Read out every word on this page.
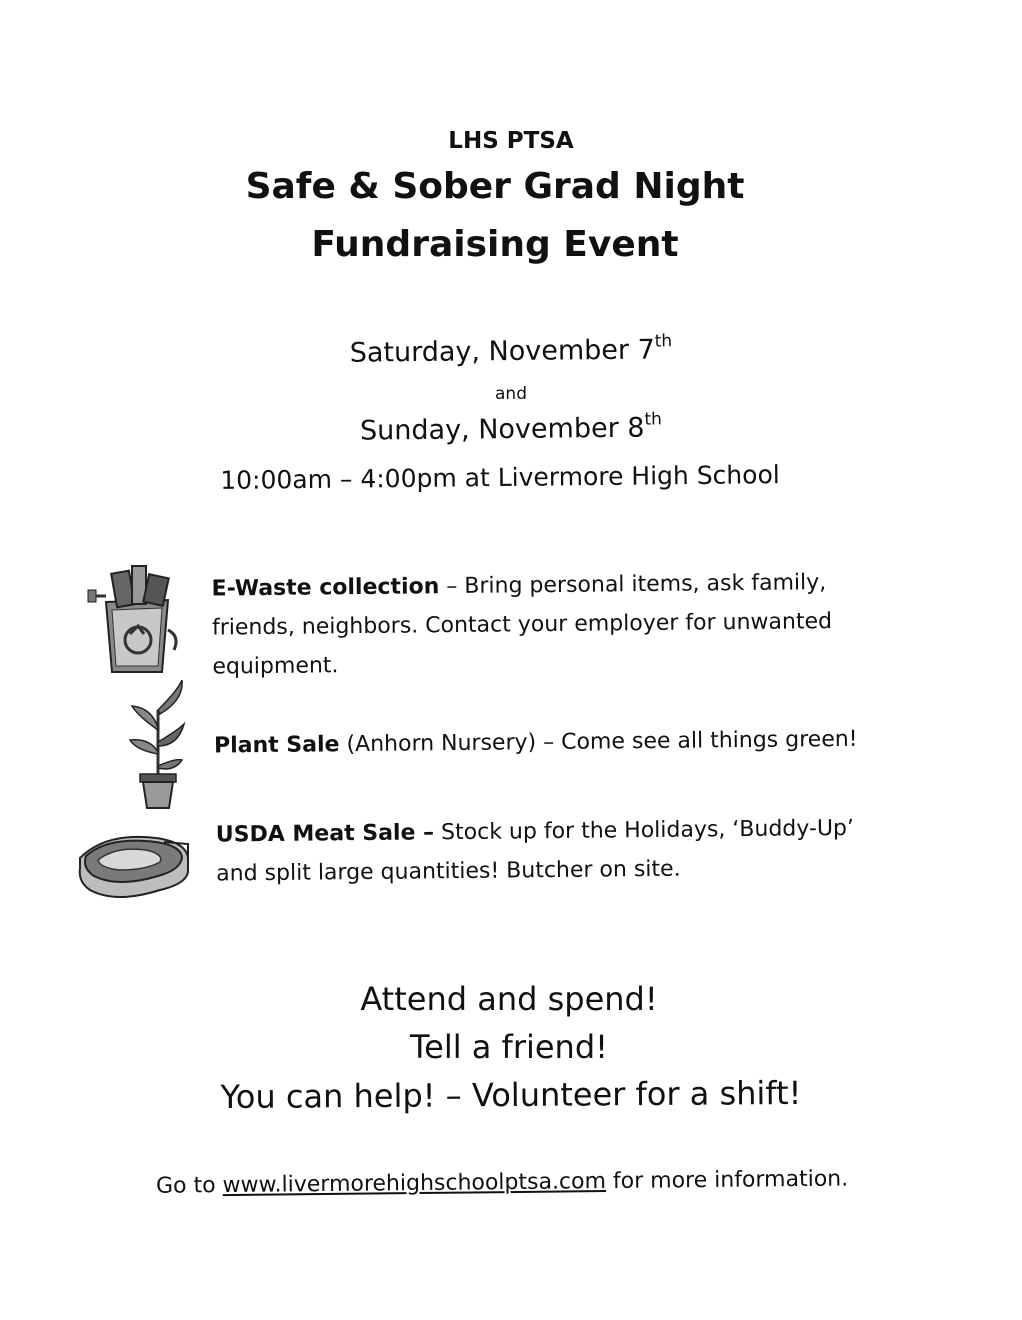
LHS PTSA
Safe & Sober Grad Night
Fundraising Event
Saturday, November 7th
and
Sunday, November 8th
10:00am – 4:00pm at Livermore High School
E-Waste collection – Bring personal items, ask family, friends, neighbors. Contact your employer for unwanted equipment.
Plant Sale (Anhorn Nursery) – Come see all things green!
USDA Meat Sale – Stock up for the Holidays, ‘Buddy-Up’ and split large quantities! Butcher on site.
Attend and spend!
Tell a friend!
You can help! – Volunteer for a shift!
Go to www.livermorehighschoolptsa.com for more information.
